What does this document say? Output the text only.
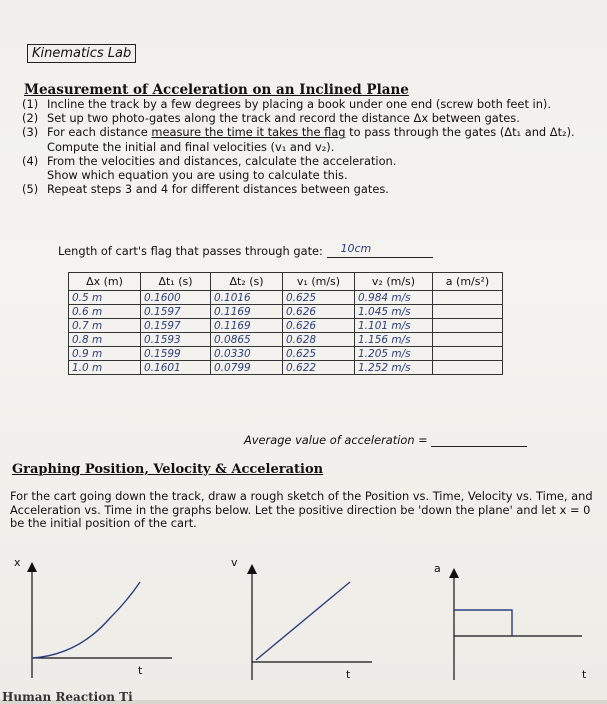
Kinematics Lab
Measurement of Acceleration on an Inclined Plane
(1) Incline the track by a few degrees by placing a book under one end (screw both feet in).
(2) Set up two photo-gates along the track and record the distance Δx between gates.
(3) For each distance measure the time it takes the flag to pass through the gates (Δt₁ and Δt₂).
Compute the initial and final velocities (v₁ and v₂).
(4) From the velocities and distances, calculate the acceleration.
Show which equation you are using to calculate this.
(5) Repeat steps 3 and 4 for different distances between gates.
Length of cart's flag that passes through gate: 10cm
Δx (m)	Δt₁ (s)	Δt₂ (s)	v₁ (m/s)	v₂ (m/s)	a (m/s²)
0.5 m	0.1600	0.1016	0.625	0.984 m/s	
0.6 m	0.1597	0.1169	0.626	1.045 m/s	
0.7 m	0.1597	0.1169	0.626	1.101 m/s	
0.8 m	0.1593	0.0865	0.628	1.156 m/s	
0.9 m	0.1599	0.0330	0.625	1.205 m/s	
1.0 m	0.1601	0.0799	0.622	1.252 m/s	
Average value of acceleration =
Graphing Position, Velocity & Acceleration
For the cart going down the track, draw a rough sketch of the Position vs. Time, Velocity vs. Time, and Acceleration vs. Time in the graphs below. Let the positive direction be 'down the plane' and let x = 0 be the initial position of the cart.
x
t
v
t
a
t
Human Reaction Ti
